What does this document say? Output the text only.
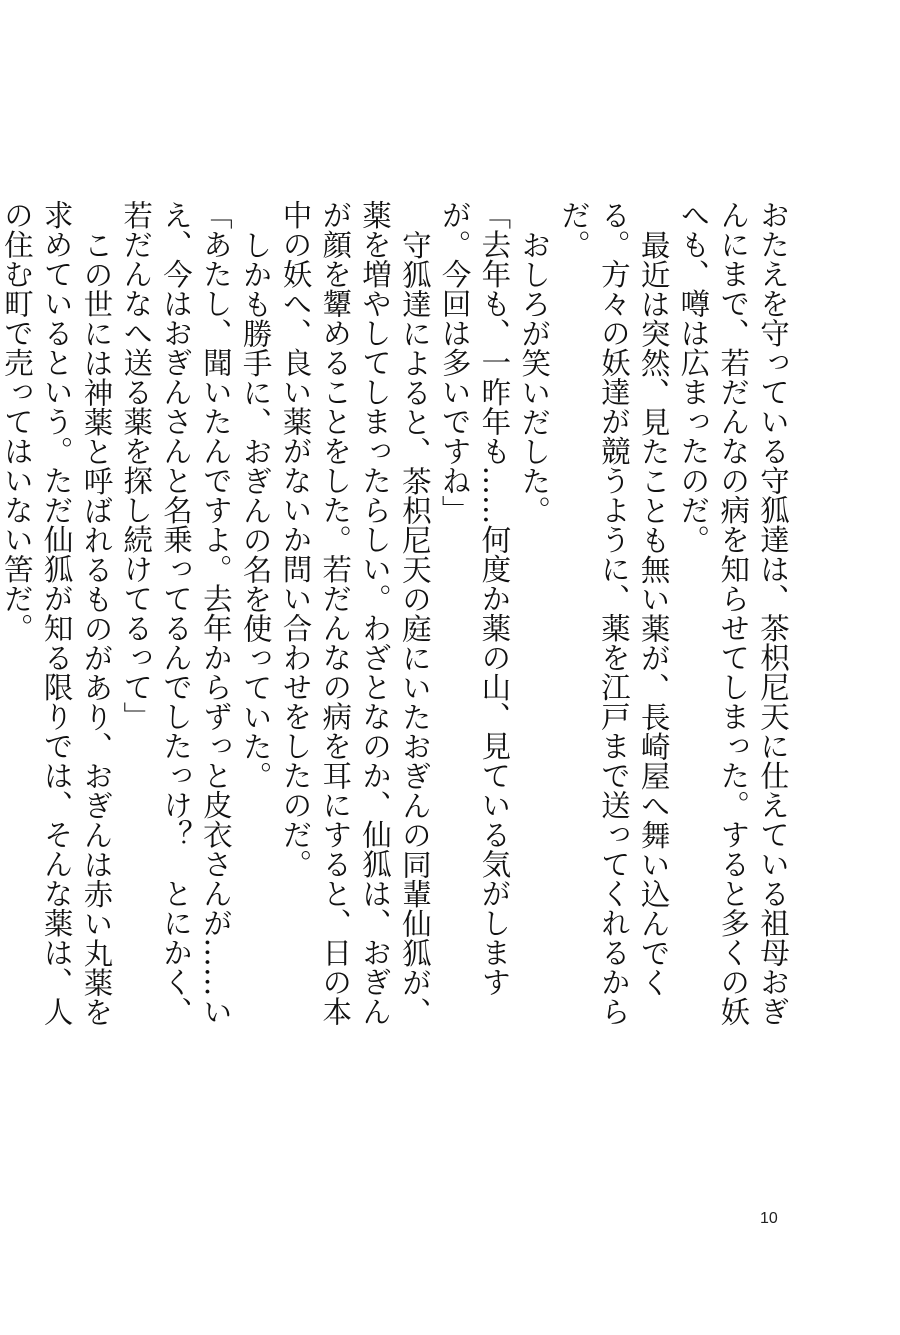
おたえを守っている守狐達は、茶枳尼天に仕えている祖母おぎんにまで、若だんなの病を知らせてしまった。すると多くの妖へも、噂は広まったのだ。

最近は突然、見たことも無い薬が、長崎屋へ舞い込んでくる。方々の妖達が競うように、薬を江戸まで送ってくれるからだ。

おしろが笑いだした。

「去年も、一昨年も……何度か薬の山、見ている気がしますが。今回は多いですね」

守狐達によると、茶枳尼天の庭にいたおぎんの同輩仙狐が、薬を増やしてしまったらしい。わざとなのか、仙狐は、おぎんが顔を顰めることをした。若だんなの病を耳にすると、日の本中の妖へ、良い薬がないか問い合わせをしたのだ。

しかも勝手に、おぎんの名を使っていた。

「あたし、聞いたんですよ。去年からずっと皮衣さんが……いえ、今はおぎんさんと名乗ってるんでしたっけ？　とにかく、若だんなへ送る薬を探し続けてるって」

この世には神薬と呼ばれるものがあり、おぎんは赤い丸薬を求めているという。ただ仙狐が知る限りでは、そんな薬は、人の住む町で売ってはいない筈だ。

10
